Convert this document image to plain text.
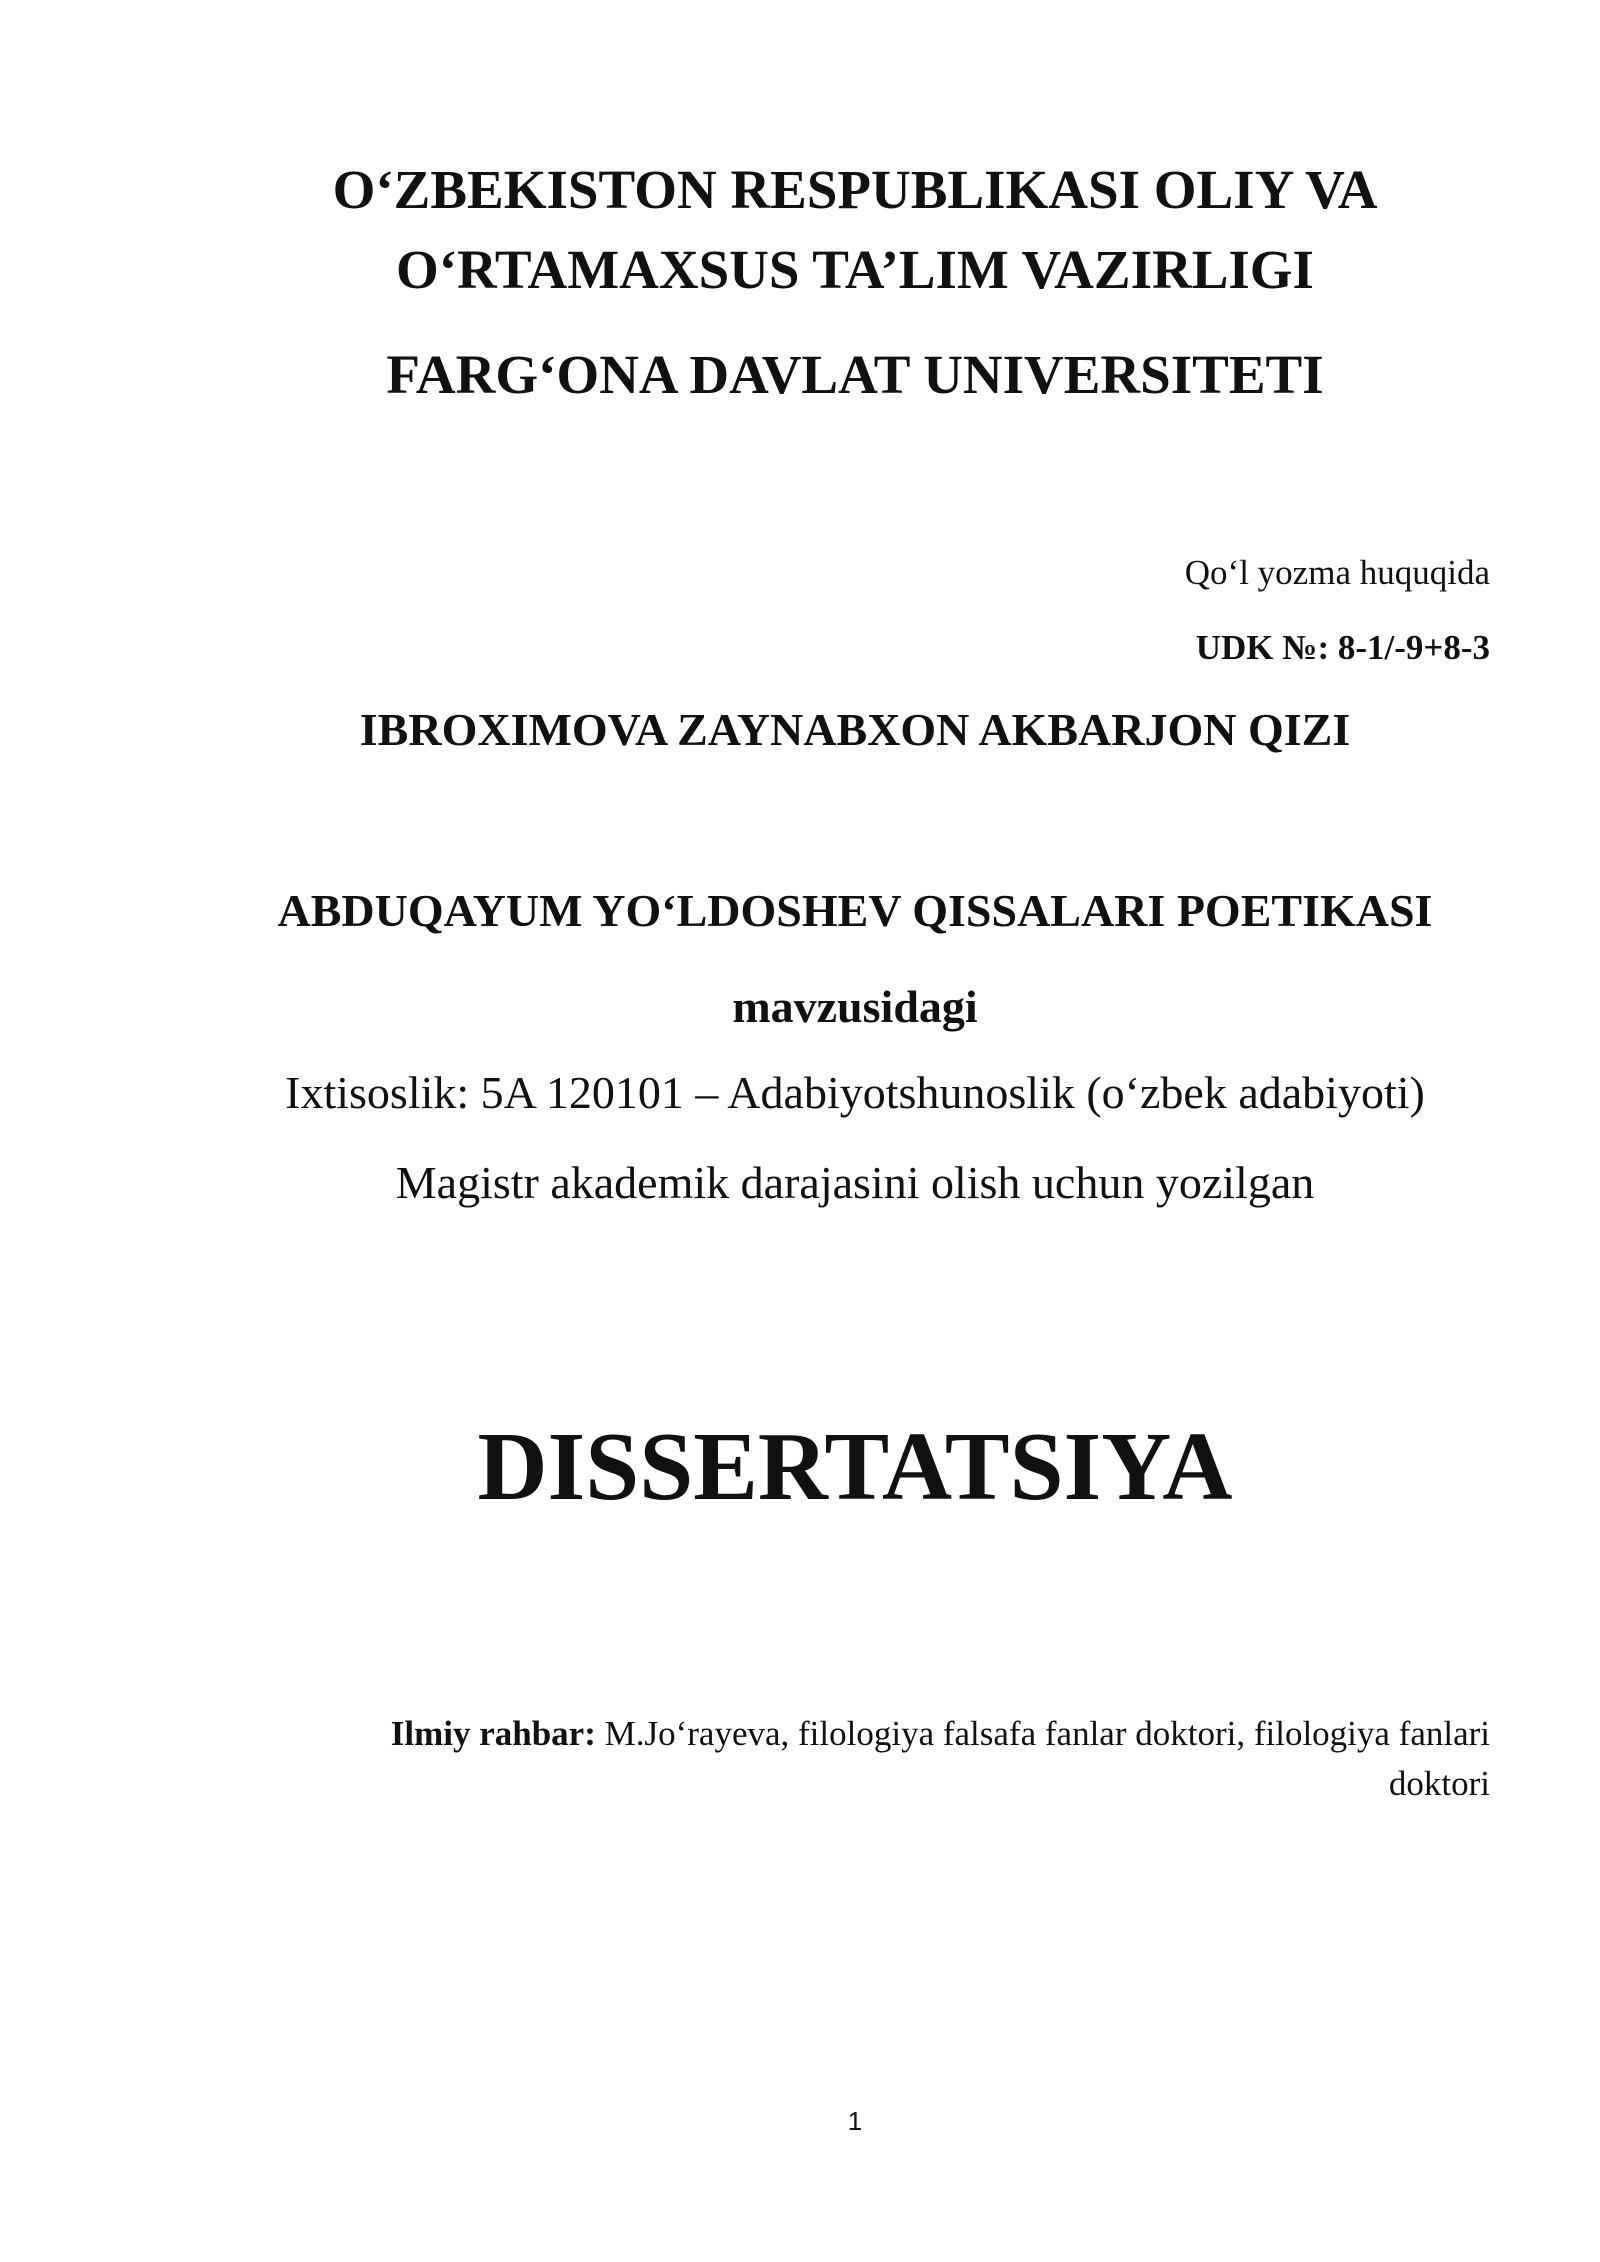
O‘ZBEKISTON RESPUBLIKASI OLIY VA
O‘RTAMAXSUS TA’LIM VAZIRLIGI
FARG‘ONA DAVLAT UNIVERSITETI
Qo‘l yozma huquqida
UDK №: 8-1/-9+8-3
IBROXIMOVA ZAYNABXON AKBARJON QIZI
ABDUQAYUM YO‘LDOSHEV QISSALARI POETIKASI
mavzusidagi
Ixtisoslik: 5A 120101 – Adabiyotshunoslik (o‘zbek adabiyoti)
Magistr akademik darajasini olish uchun yozilgan
DISSERTATSIYA
Ilmiy rahbar: M.Jo‘rayeva, filologiya falsafa fanlar doktori, filologiya fanlari
doktori
1
